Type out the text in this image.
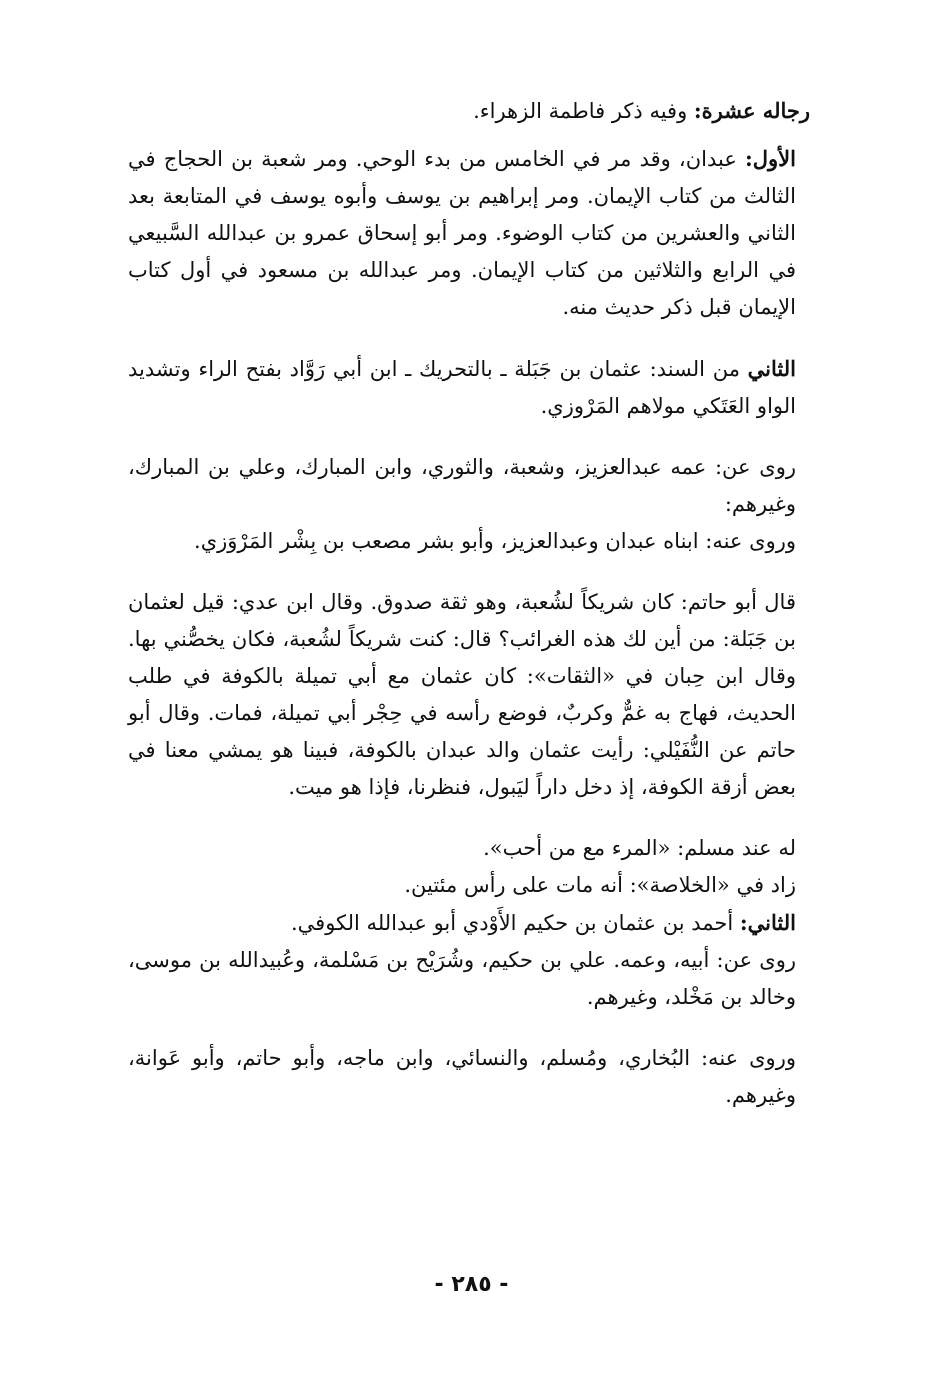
رجاله عشرة: وفيه ذكر فاطمة الزهراء.

الأول: عبدان، وقد مر في الخامس من بدء الوحي. ومر شعبة بن الحجاج في الثالث من كتاب الإيمان. ومر إبراهيم بن يوسف وأبوه يوسف في المتابعة بعد الثاني والعشرين من كتاب الوضوء. ومر أبو إسحاق عمرو بن عبدالله السَّبيعي في الرابع والثلاثين من كتاب الإيمان. ومر عبدالله بن مسعود في أول كتاب الإيمان قبل ذكر حديث منه.

الثاني من السند: عثمان بن جَبَلة ـ بالتحريك ـ ابن أبي رَوَّاد بفتح الراء وتشديد الواو العَتَكي مولاهم المَرْوزي.

روى عن: عمه عبدالعزيز، وشعبة، والثوري، وابن المبارك، وعلي بن المبارك، وغيرهم:

وروى عنه: ابناه عبدان وعبدالعزيز، وأبو بشر مصعب بن بِشْر المَرْوَزي.

قال أبو حاتم: كان شريكاً لشُعبة، وهو ثقة صدوق. وقال ابن عدي: قيل لعثمان بن جَبَلة: من أين لك هذه الغرائب؟ قال: كنت شريكاً لشُعبة، فكان يخصُّني بها. وقال ابن حِبان في «الثقات»: كان عثمان مع أبي تميلة بالكوفة في طلب الحديث، فهاج به غمٌّ وكربٌ، فوضع رأسه في حِجْر أبي تميلة، فمات. وقال أبو حاتم عن النُّفَيْلي: رأيت عثمان والد عبدان بالكوفة، فبينا هو يمشي معنا في بعض أزقة الكوفة، إذ دخل داراً ليَبول، فنظرنا، فإذا هو ميت.

له عند مسلم: «المرء مع من أحب».

زاد في «الخلاصة»: أنه مات على رأس مئتين.

الثاني: أحمد بن عثمان بن حكيم الأَوْدي أبو عبدالله الكوفي.

روى عن: أبيه، وعمه. علي بن حكيم، وشُرَيْح بن مَسْلمة، وعُبيدالله بن موسى، وخالد بن مَخْلد، وغيرهم.

وروى عنه: البُخاري، ومُسلم، والنسائي، وابن ماجه، وأبو حاتم، وأبو عَوانة، وغيرهم.

- ٢٨٥ -
